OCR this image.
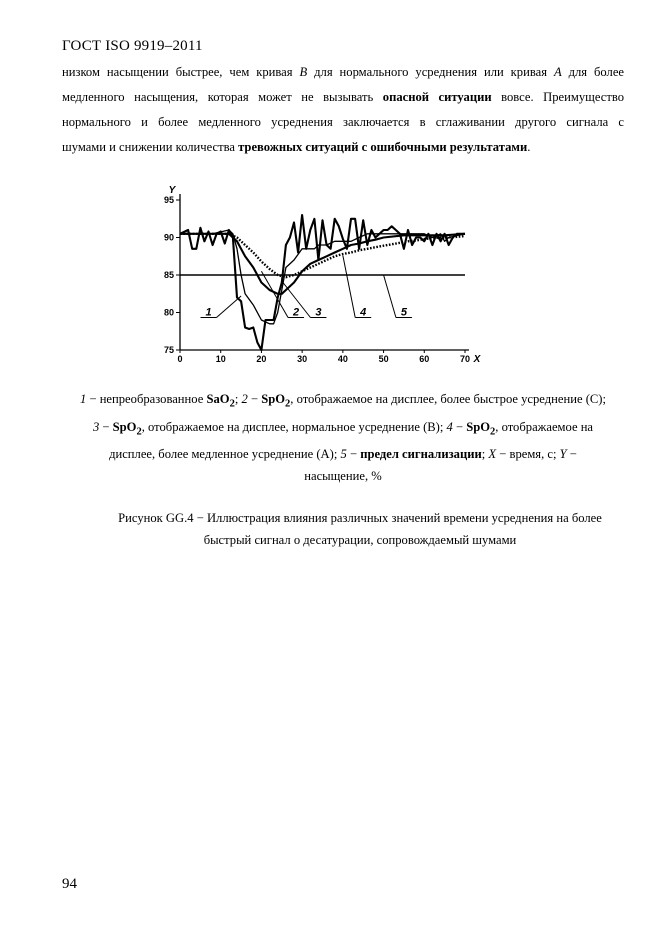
ГОСТ ISO 9919–2011
низком насыщении быстрее, чем кривая B для нормального усреднения или кривая A для более
медленного насыщения, которая может не вызывать опасной ситуации вовсе. Преимущество
нормального и более медленного усреднения заключается в сглаживании другого сигнала с
шумами и снижении количества тревожных ситуаций с ошибочными результатами.
0	10	20	30	40	50	60	70
75
80
85
90
95
X
Y
1	2 3	4	5
1 − непреобразованное SaO$_2$; 2 − SpO$_2$, отображаемое на дисплее, более быстрое усреднение (C);
3 − SpO$_2$, отображаемое на дисплее, нормальное усреднение (B); 4 − SpO$_2$, отображаемое на
дисплее, более медленное усреднение (A); 5 − предел сигнализации; X − время, с; Y −
насыщение, %
Рисунок GG.4 − Иллюстрация влияния различных значений времени усреднения на более
быстрый сигнал о десатурации, сопровождаемый шумами
94
